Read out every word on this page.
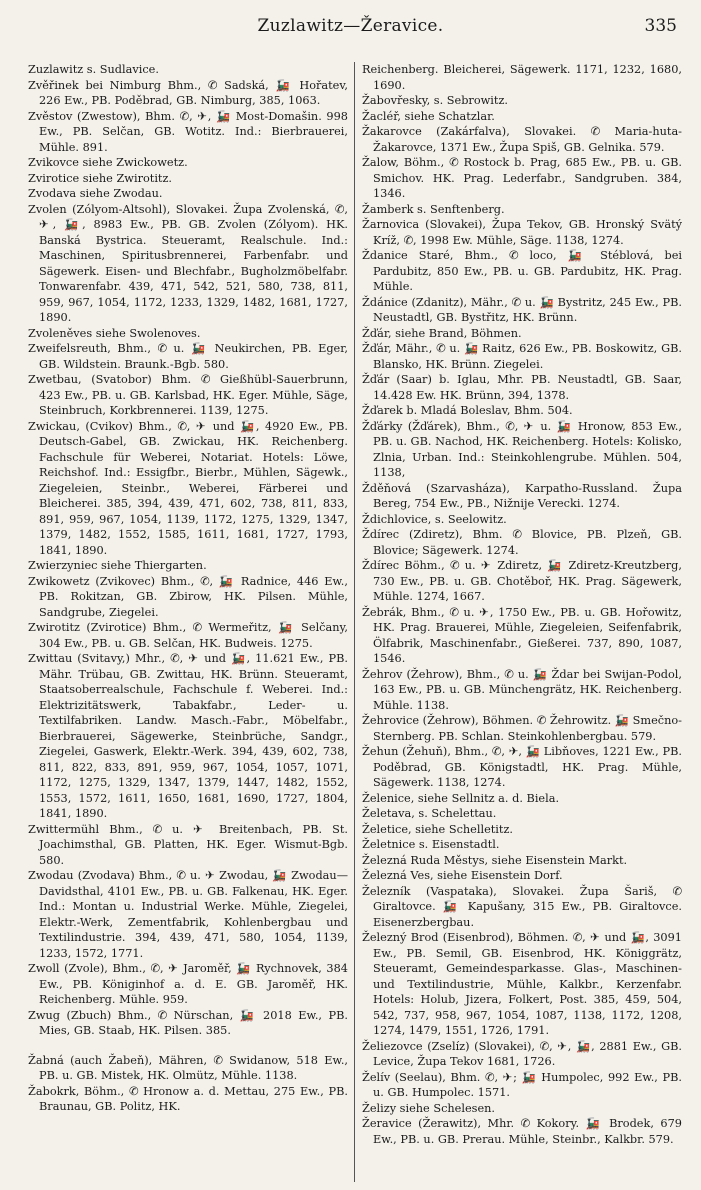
Zuzlawitz—Žeravice.	335

Zuzlawitz s. Sudlavice.

Zvěřinek bei Nimburg Bhm., ✆ Sadská, 🚂 Hořatev, 226 Ew., PB. Poděbrad, GB. Nimburg, 385, 1063.

Zvěstov (Zwestow), Bhm. ✆, ✈, 🚂 Most-Domašin. 998 Ew., PB. Selčan, GB. Wotitz. Ind.: Bierbrauerei, Mühle. 891.

Zvikovce siehe Zwickowetz.

Zvirotice siehe Zwirotitz.

Zvodava siehe Zwodau.

Zvolen (Zólyom-Altsohl), Slovakei. Župa Zvolenská, ✆, ✈, 🚂, 8983 Ew., PB. GB. Zvolen (Zólyom). HK. Banská Bystrica. Steueramt, Realschule. Ind.: Maschinen, Spiritusbrennerei, Farbenfabr. und Sägewerk. Eisen- und Blechfabr., Bugholzmöbelfabr. Tonwarenfabr. 439, 471, 542, 521, 580, 738, 811, 959, 967, 1054, 1172, 1233, 1329, 1482, 1681, 1727, 1890.

Zvoleněves siehe Swolenoves.

Zweifelsreuth, Bhm., ✆ u. 🚂 Neukirchen, PB. Eger, GB. Wildstein. Braunk.-Bgb. 580.

Zwetbau, (Svatobor) Bhm. ✆ Gießhübl-Sauerbrunn, 423 Ew., PB. u. GB. Karlsbad, HK. Eger. Mühle, Säge, Steinbruch, Korkbrennerei. 1139, 1275.

Zwickau, (Cvikov) Bhm., ✆, ✈ und 🚂, 4920 Ew., PB. Deutsch-Gabel, GB. Zwickau, HK. Reichenberg. Fachschule für Weberei, Notariat. Hotels: Löwe, Reichshof. Ind.: Essigfbr., Bierbr., Mühlen, Sägewk., Ziegeleien, Steinbr., Weberei, Färberei und Bleicherei. 385, 394, 439, 471, 602, 738, 811, 833, 891, 959, 967, 1054, 1139, 1172, 1275, 1329, 1347, 1379, 1482, 1552, 1585, 1611, 1681, 1727, 1793, 1841, 1890.

Zwierzyniec siehe Thiergarten.

Zwikowetz (Zvikovec) Bhm., ✆, 🚂 Radnice, 446 Ew., PB. Rokitzan, GB. Zbirow, HK. Pilsen. Mühle, Sandgrube, Ziegelei.

Zwirotitz (Zvirotice) Bhm., ✆ Wermeřitz, 🚂 Selčany, 304 Ew., PB. u. GB. Selčan, HK. Budweis. 1275.

Zwittau (Svitavy,) Mhr., ✆, ✈ und 🚂, 11.621 Ew., PB. Mähr. Trübau, GB. Zwittau, HK. Brünn. Steueramt, Staatsoberrealschule, Fachschule f. Weberei. Ind.: Elektrizitätswerk, Tabakfabr., Leder- u. Textilfabriken. Landw. Masch.-Fabr., Möbelfabr., Bierbrauerei, Sägewerke, Steinbrüche, Sandgr., Ziegelei, Gaswerk, Elektr.-Werk. 394, 439, 602, 738, 811, 822, 833, 891, 959, 967, 1054, 1057, 1071, 1172, 1275, 1329, 1347, 1379, 1447, 1482, 1552, 1553, 1572, 1611, 1650, 1681, 1690, 1727, 1804, 1841, 1890.

Zwittermühl Bhm., ✆ u. ✈ Breitenbach, PB. St. Joachimsthal, GB. Platten, HK. Eger. Wismut-Bgb. 580.

Zwodau (Zvodava) Bhm., ✆ u. ✈ Zwodau, 🚂 Zwodau—Davidsthal, 4101 Ew., PB. u. GB. Falkenau, HK. Eger. Ind.: Montan u. Industrial Werke. Mühle, Ziegelei, Elektr.-Werk, Zementfabrik, Kohlenbergbau und Textilindustrie. 394, 439, 471, 580, 1054, 1139, 1233, 1572, 1771.

Zwoll (Zvole), Bhm., ✆, ✈ Jaroměř, 🚂 Rychnovek, 384 Ew., PB. Königinhof a. d. E. GB. Jaroměř, HK. Reichenberg. Mühle. 959.

Zwug (Zbuch) Bhm., ✆ Nürschan, 🚂 2018 Ew., PB. Mies, GB. Staab, HK. Pilsen. 385.

Žabná (auch Žabeň), Mähren, ✆ Swidanow, 518 Ew., PB. u. GB. Mistek, HK. Olmütz, Mühle. 1138.

Žabokrk, Böhm., ✆ Hronow a. d. Mettau, 275 Ew., PB. Braunau, GB. Politz, HK.

Reichenberg. Bleicherei, Sägewerk. 1171, 1232, 1680, 1690.

Žabovřesky, s. Sebrowitz.

Žacléř, siehe Schatzlar.

Žakarovce (Zakárfalva), Slovakei. ✆ Maria-huta-Žakarovce, 1371 Ew., Župa Spiš, GB. Gelnika. 579.

Žalow, Böhm., ✆ Rostock b. Prag, 685 Ew., PB. u. GB. Smichov. HK. Prag. Lederfabr., Sandgruben. 384, 1346.

Žamberk s. Senftenberg.

Žarnovica (Slovakei), Župa Tekov, GB. Hronský Svätý Kríž, ✆, 1998 Ew. Mühle, Säge. 1138, 1274.

Ždanice Staré, Bhm., ✆ loco, 🚂 Stéblová, bei Pardubitz, 850 Ew., PB. u. GB. Pardubitz, HK. Prag. Mühle.

Ždánice (Zdanitz), Mähr., ✆ u. 🚂 Bystritz, 245 Ew., PB. Neustadtl, GB. Bystřitz, HK. Brünn.

Žďár, siehe Brand, Böhmen.

Žďár, Mähr., ✆ u. 🚂 Raitz, 626 Ew., PB. Boskowitz, GB. Blansko, HK. Brünn. Ziegelei.

Žďár (Saar) b. Iglau, Mhr. PB. Neustadtl, GB. Saar, 14.428 Ew. HK. Brünn, 394, 1378.

Žďarek b. Mladá Boleslav, Bhm. 504.

Žďárky (Žďárek), Bhm., ✆, ✈ u. 🚂 Hronow, 853 Ew., PB. u. GB. Nachod, HK. Reichenberg. Hotels: Kolisko, Zlnia, Urban. Ind.: Steinkohlengrube. Mühlen. 504, 1138,

Žděňová (Szarvasháza), Karpatho-Russland. Župa Bereg, 754 Ew., PB., Nižnije Verecki. 1274.

Ždichlovice, s. Seelowitz.

Ždírec (Zdiretz), Bhm. ✆ Blovice, PB. Plzeň, GB. Blovice; Sägewerk. 1274.

Ždírec Böhm., ✆ u. ✈ Zdiretz, 🚂 Zdiretz-Kreutzberg, 730 Ew., PB. u. GB. Chotěboř, HK. Prag. Sägewerk, Mühle. 1274, 1667.

Žebrák, Bhm., ✆ u. ✈, 1750 Ew., PB. u. GB. Hořowitz, HK. Prag. Brauerei, Mühle, Ziegeleien, Seifenfabrik, Ölfabrik, Maschinenfabr., Gießerei. 737, 890, 1087, 1546.

Žehrov (Žehrow), Bhm., ✆ u. 🚂 Ždar bei Swijan-Podol, 163 Ew., PB. u. GB. Münchengrätz, HK. Reichenberg. Mühle. 1138.

Žehrovice (Žehrow), Böhmen. ✆ Žehrowitz. 🚂 Smečno-Sternberg. PB. Schlan. Steinkohlenbergbau. 579.

Žehun (Žehuň), Bhm., ✆, ✈, 🚂 Libňoves, 1221 Ew., PB. Poděbrad, GB. Königstadtl, HK. Prag. Mühle, Sägewerk. 1138, 1274.

Želenice, siehe Sellnitz a. d. Biela.

Želetava, s. Schelettau.

Želetice, siehe Schelletitz.

Želetnice s. Eisenstadtl.

Železná Ruda Městys, siehe Eisenstein Markt.

Železná Ves, siehe Eisenstein Dorf.

Železník (Vaspataka), Slovakei. Župa Šariš, ✆ Giraltovce. 🚂 Kapušany, 315 Ew., PB. Giraltovce. Eisenerzbergbau.

Železný Brod (Eisenbrod), Böhmen. ✆, ✈ und 🚂, 3091 Ew., PB. Semil, GB. Eisenbrod, HK. Königgrätz, Steueramt, Gemeindesparkasse. Glas-, Maschinen- und Textilindustrie, Mühle, Kalkbr., Kerzenfabr. Hotels: Holub, Jizera, Folkert, Post. 385, 459, 504, 542, 737, 958, 967, 1054, 1087, 1138, 1172, 1208, 1274, 1479, 1551, 1726, 1791.

Želiezovce (Zselíz) (Slovakei), ✆, ✈, 🚂, 2881 Ew., GB. Levice, Župa Tekov 1681, 1726.

Želív (Seelau), Bhm. ✆, ✈; 🚂 Humpolec, 992 Ew., PB. u. GB. Humpolec. 1571.

Želizy siehe Schelesen.

Žeravice (Žerawitz), Mhr. ✆ Kokory. 🚂 Brodek, 679 Ew., PB. u. GB. Prerau. Mühle, Steinbr., Kalkbr. 579.
